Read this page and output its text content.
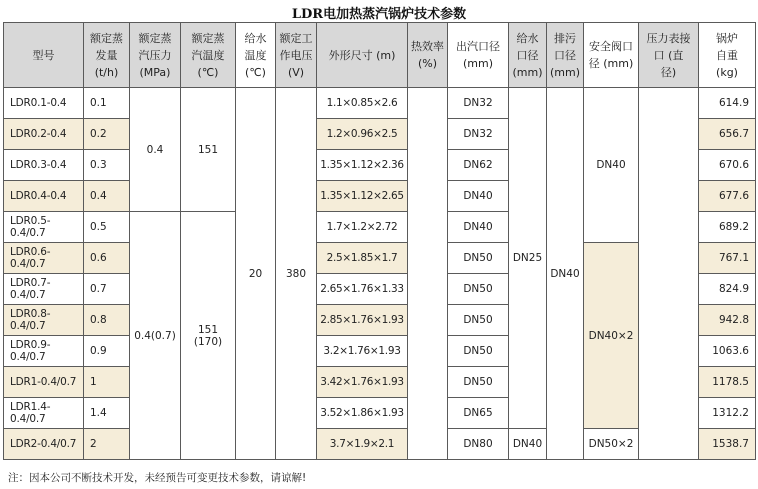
LDR电加热蒸汽锅炉技术参数
型号	额定蒸
发量
(t/h)	额定蒸
汽压力
(MPa)	额定蒸
汽温度
(℃)	给水
温度
(℃)	额定工
作电压
(V)	外形尺寸 (m)	热效率
(%)	出汽口径
(mm)	给水
口径
(mm)	排污
口径
(mm)	安全阀口
径 (mm)	压力表接
口 (直
径)	锅炉
自重
(kg)

LDR0.1-0.4	0.1	0.4	151	20	380	1.1×0.85×2.6		DN32	DN25	DN40	DN40		614.9
LDR0.2-0.4	0.2					1.2×0.96×2.5		DN32					656.7
LDR0.3-0.4	0.3					1.35×1.12×2.36		DN62					670.6
LDR0.4-0.4	0.4					1.35×1.12×2.65		DN40					677.6
LDR0.5-0.4/0.7	0.5	0.4(0.7)	151
(170)			1.7×1.2×2.72		DN40					689.2
LDR0.6-0.4/0.7	0.6					2.5×1.85×1.7		DN50			DN40×2		767.1
LDR0.7-0.4/0.7	0.7					2.65×1.76×1.33		DN50					824.9
LDR0.8-0.4/0.7	0.8					2.85×1.76×1.93		DN50					942.8
LDR0.9-0.4/0.7	0.9					3.2×1.76×1.93		DN50					1063.6
LDR1-0.4/0.7	1					3.42×1.76×1.93		DN50					1178.5
LDR1.4-0.4/0.7	1.4					3.52×1.86×1.93		DN65					1312.2
LDR2-0.4/0.7	2					3.7×1.9×2.1		DN80	DN40		DN50×2		1538.7
注：因本公司不断技术开发，未经预告可变更技术参数，请谅解!
